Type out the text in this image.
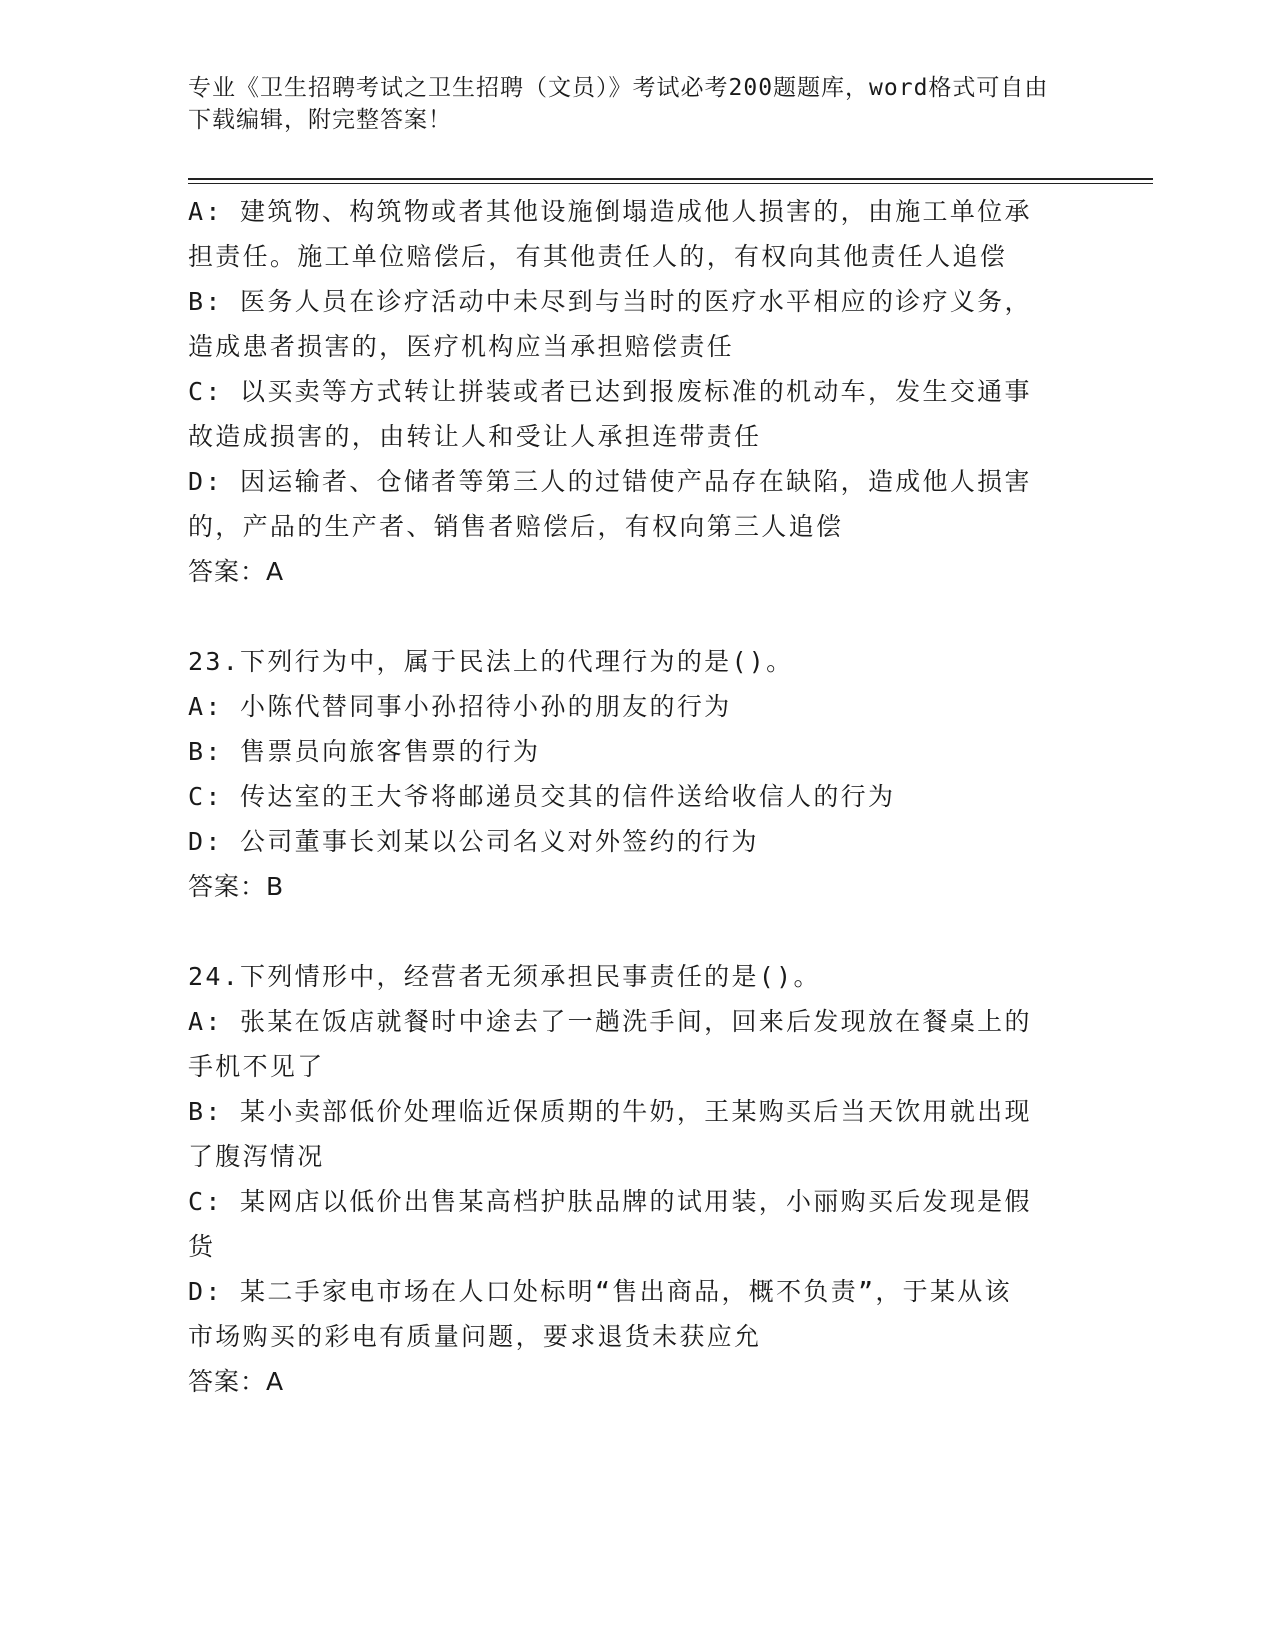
专业《卫生招聘考试之卫生招聘（文员）》考试必考200题题库，word格式可自由下载编辑，附完整答案！
A: 建筑物、构筑物或者其他设施倒塌造成他人损害的，由施工单位承
担责任。施工单位赔偿后，有其他责任人的，有权向其他责任人追偿
B: 医务人员在诊疗活动中未尽到与当时的医疗水平相应的诊疗义务，
造成患者损害的，医疗机构应当承担赔偿责任
C: 以买卖等方式转让拼装或者已达到报废标准的机动车，发生交通事
故造成损害的，由转让人和受让人承担连带责任
D: 因运输者、仓储者等第三人的过错使产品存在缺陷，造成他人损害
的，产品的生产者、销售者赔偿后，有权向第三人追偿
答案：A
23.下列行为中，属于民法上的代理行为的是()。
A: 小陈代替同事小孙招待小孙的朋友的行为
B: 售票员向旅客售票的行为
C: 传达室的王大爷将邮递员交其的信件送给收信人的行为
D: 公司董事长刘某以公司名义对外签约的行为
答案：B
24.下列情形中，经营者无须承担民事责任的是()。
A: 张某在饭店就餐时中途去了一趟洗手间，回来后发现放在餐桌上的
手机不见了
B: 某小卖部低价处理临近保质期的牛奶，王某购买后当天饮用就出现
了腹泻情况
C: 某网店以低价出售某高档护肤品牌的试用装，小丽购买后发现是假
货
D: 某二手家电市场在人口处标明“售出商品，概不负责”，于某从该
市场购买的彩电有质量问题，要求退货未获应允
答案：A
